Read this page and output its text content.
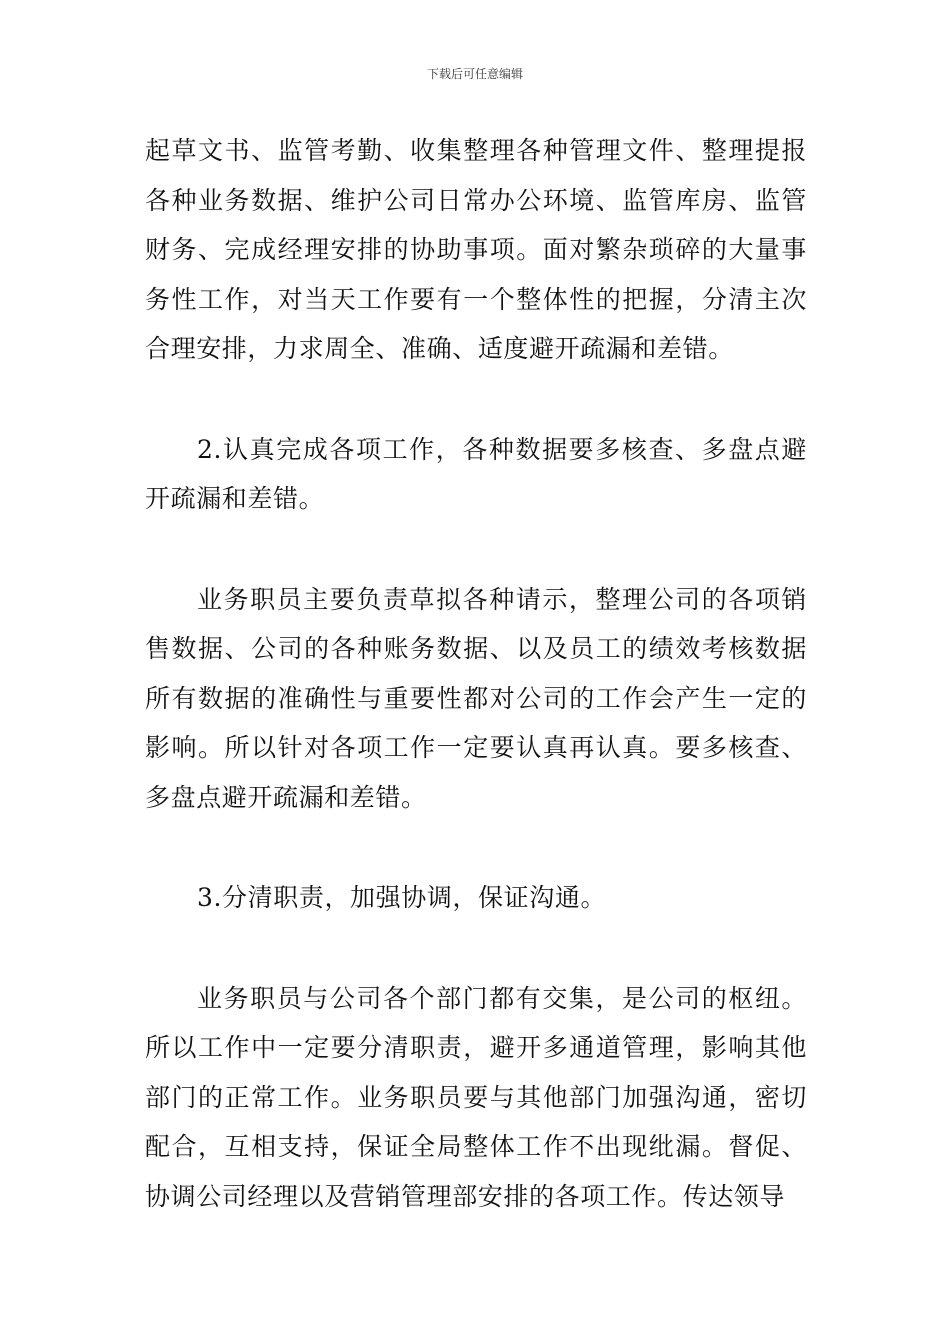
下载后可任意编辑

起草文书、监管考勤、收集整理各种管理文件、整理提报各种业务数据、维护公司日常办公环境、监管库房、监管财务、完成经理安排的协助事项。面对繁杂琐碎的大量事务性工作，对当天工作要有一个整体性的把握，分清主次合理安排，力求周全、准确、适度避开疏漏和差错。

2.认真完成各项工作，各种数据要多核查、多盘点避开疏漏和差错。

业务职员主要负责草拟各种请示，整理公司的各项销售数据、公司的各种账务数据、以及员工的绩效考核数据所有数据的准确性与重要性都对公司的工作会产生一定的影响。所以针对各项工作一定要认真再认真。要多核查、多盘点避开疏漏和差错。

3.分清职责，加强协调，保证沟通。

业务职员与公司各个部门都有交集，是公司的枢纽。所以工作中一定要分清职责，避开多通道管理，影响其他部门的正常工作。业务职员要与其他部门加强沟通，密切配合，互相支持，保证全局整体工作不出现纰漏。督促、协调公司经理以及营销管理部安排的各项工作。传达领导
